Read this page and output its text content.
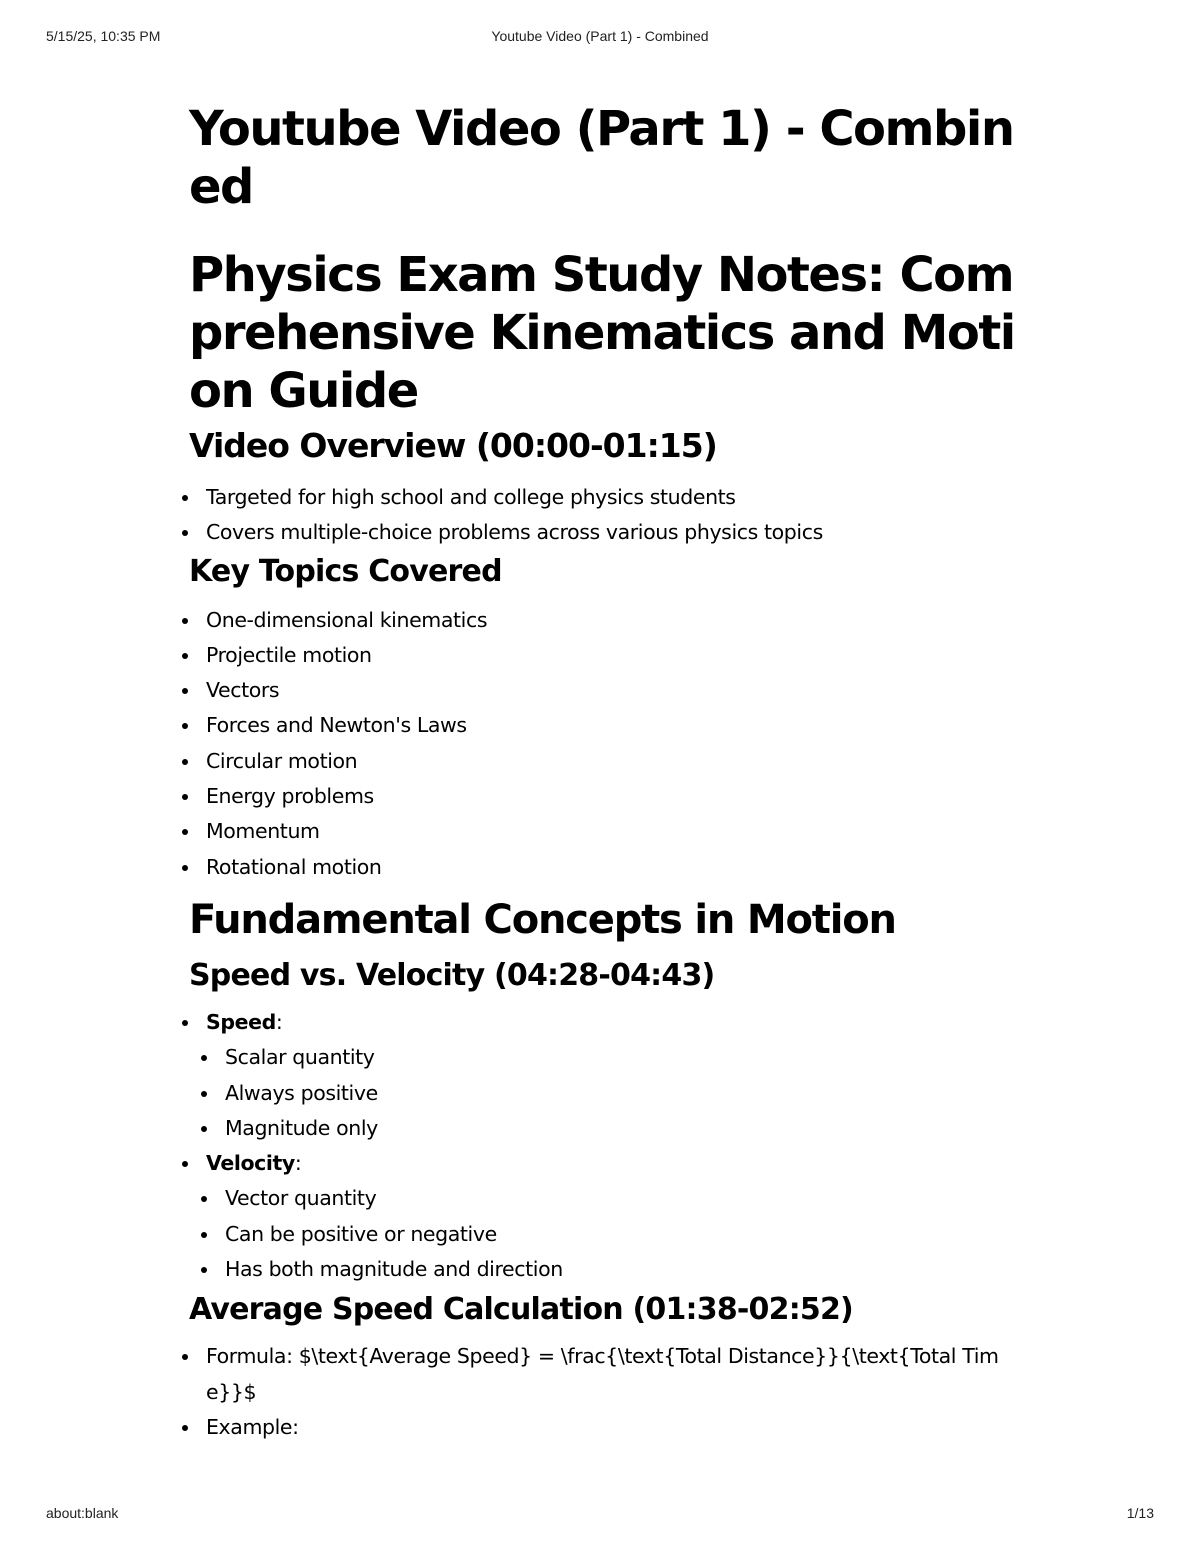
Youtube Video (Part 1) - Combined
5/15/25, 10:35 PM
Youtube Video (Part 1) - Combined
Physics Exam Study Notes: Comprehensive Kinematics and Motion Guide
Video Overview (00:00-01:15)
Targeted for high school and college physics students
Covers multiple-choice problems across various physics topics
Key Topics Covered
One-dimensional kinematics
Projectile motion
Vectors
Forces and Newton's Laws
Circular motion
Energy problems
Momentum
Rotational motion
Fundamental Concepts in Motion
Speed vs. Velocity (04:28-04:43)
Speed:
Scalar quantity
Always positive
Magnitude only
Velocity:
Vector quantity
Can be positive or negative
Has both magnitude and direction
Average Speed Calculation (01:38-02:52)
Formula: $\text{Average Speed} = \frac{\text{Total Distance}}{\text{Total Time}}$
Example:
about:blank	1/13
